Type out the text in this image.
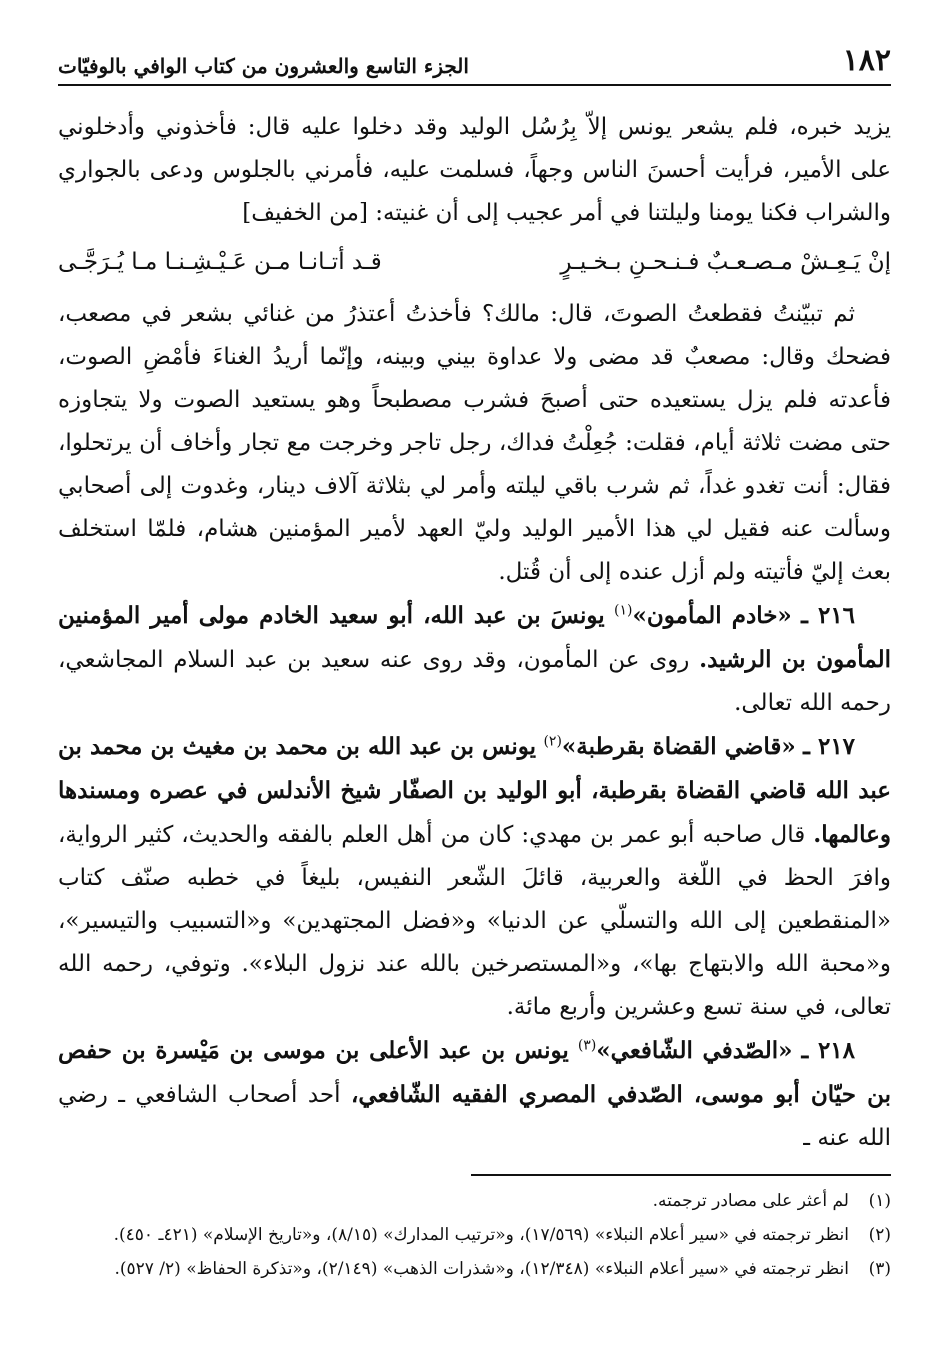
١٨٢
الجزء التاسع والعشرون من كتاب الوافي بالوفيّات

يزيد خبره، فلم يشعر يونس إلاّ بِرُسُل الوليد وقد دخلوا عليه قال: فأخذوني وأدخلوني على الأمير، فرأيت أحسنَ الناس وجهاً، فسلمت عليه، فأمرني بالجلوس ودعى بالجواري والشراب فكنا يومنا وليلتنا في أمر عجيب إلى أن غنيته: [من الخفيف]

إنْ يَـعِـشْ مـصـعـبٌ فـنـحـنِ بـخـيـرٍ
قـد أتـانـا مـن عَـيْـشِـنـا مـا يُـرَجَّـى

ثم تبيّنتُ فقطعتُ الصوتَ، قال: مالك؟ فأخذتُ أعتذرُ من غنائي بشعر في مصعب، فضحك وقال: مصعبٌ قد مضى ولا عداوة بيني وبينه، وإنّما أريدُ الغناءَ فأمْضِ الصوت، فأعدته فلم يزل يستعيده حتى أصبحَ فشرب مصطبحاً وهو يستعيد الصوت ولا يتجاوزه حتى مضت ثلاثة أيام، فقلت: جُعِلْتُ فداك، رجل تاجر وخرجت مع تجار وأخاف أن يرتحلوا، فقال: أنت تغدو غداً، ثم شرب باقي ليلته وأمر لي بثلاثة آلاف دينار، وغدوت إلى أصحابي وسألت عنه فقيل لي هذا الأمير الوليد وليّ العهد لأمير المؤمنين هشام، فلمّا استخلف بعث إليّ فأتيته ولم أزل عنده إلى أن قُتل.

٢١٦ ـ «خادم المأمون»$^{(١)}$ يونسَ بن عبد الله، أبو سعيد الخادم مولى أمير المؤمنين المأمون بن الرشيد. روى عن المأمون، وقد روى عنه سعيد بن عبد السلام المجاشعي، رحمه الله تعالى.

٢١٧ ـ «قاضي القضاة بقرطبة»$^{(٢)}$ يونس بن عبد الله بن محمد بن مغيث بن محمد بن عبد الله قاضي القضاة بقرطبة، أبو الوليد بن الصفّار شيخ الأندلس في عصره ومسندها وعالمها. قال صاحبه أبو عمر بن مهدي: كان من أهل العلم بالفقه والحديث، كثير الرواية، وافرَ الحظ في اللّغة والعربية، قائلَ الشّعر النفيس، بليغاً في خطبه صنّف كتاب «المنقطعين إلى الله والتسلّي عن الدنيا» و«فضل المجتهدين» و«التسبيب والتيسير»، و«محبة الله والابتهاج بها»، و«المستصرخين بالله عند نزول البلاء». وتوفي، رحمه الله تعالى، في سنة تسع وعشرين وأربع مائة.

٢١٨ ـ «الصّدفي الشّافعي»$^{(٣)}$ يونس بن عبد الأعلى بن موسى بن مَيْسرة بن حفص بن حيّان أبو موسى، الصّدفي المصري الفقيه الشّافعي، أحد أصحاب الشافعي ـ رضي الله عنه ـ

(١)
لم أعثر على مصادر ترجمته.
(٢)
انظر ترجمته في «سير أعلام النبلاء» (١٧/٥٦٩)، و«ترتيب المدارك» (٨/١٥)، و«تاريخ الإسلام» (٤٢١ـ ٤٥٠).
(٣)
انظر ترجمته في «سير أعلام النبلاء» (١٢/٣٤٨)، و«شذرات الذهب» (٢/١٤٩)، و«تذكرة الحفاظ» (٢/ ٥٢٧).
